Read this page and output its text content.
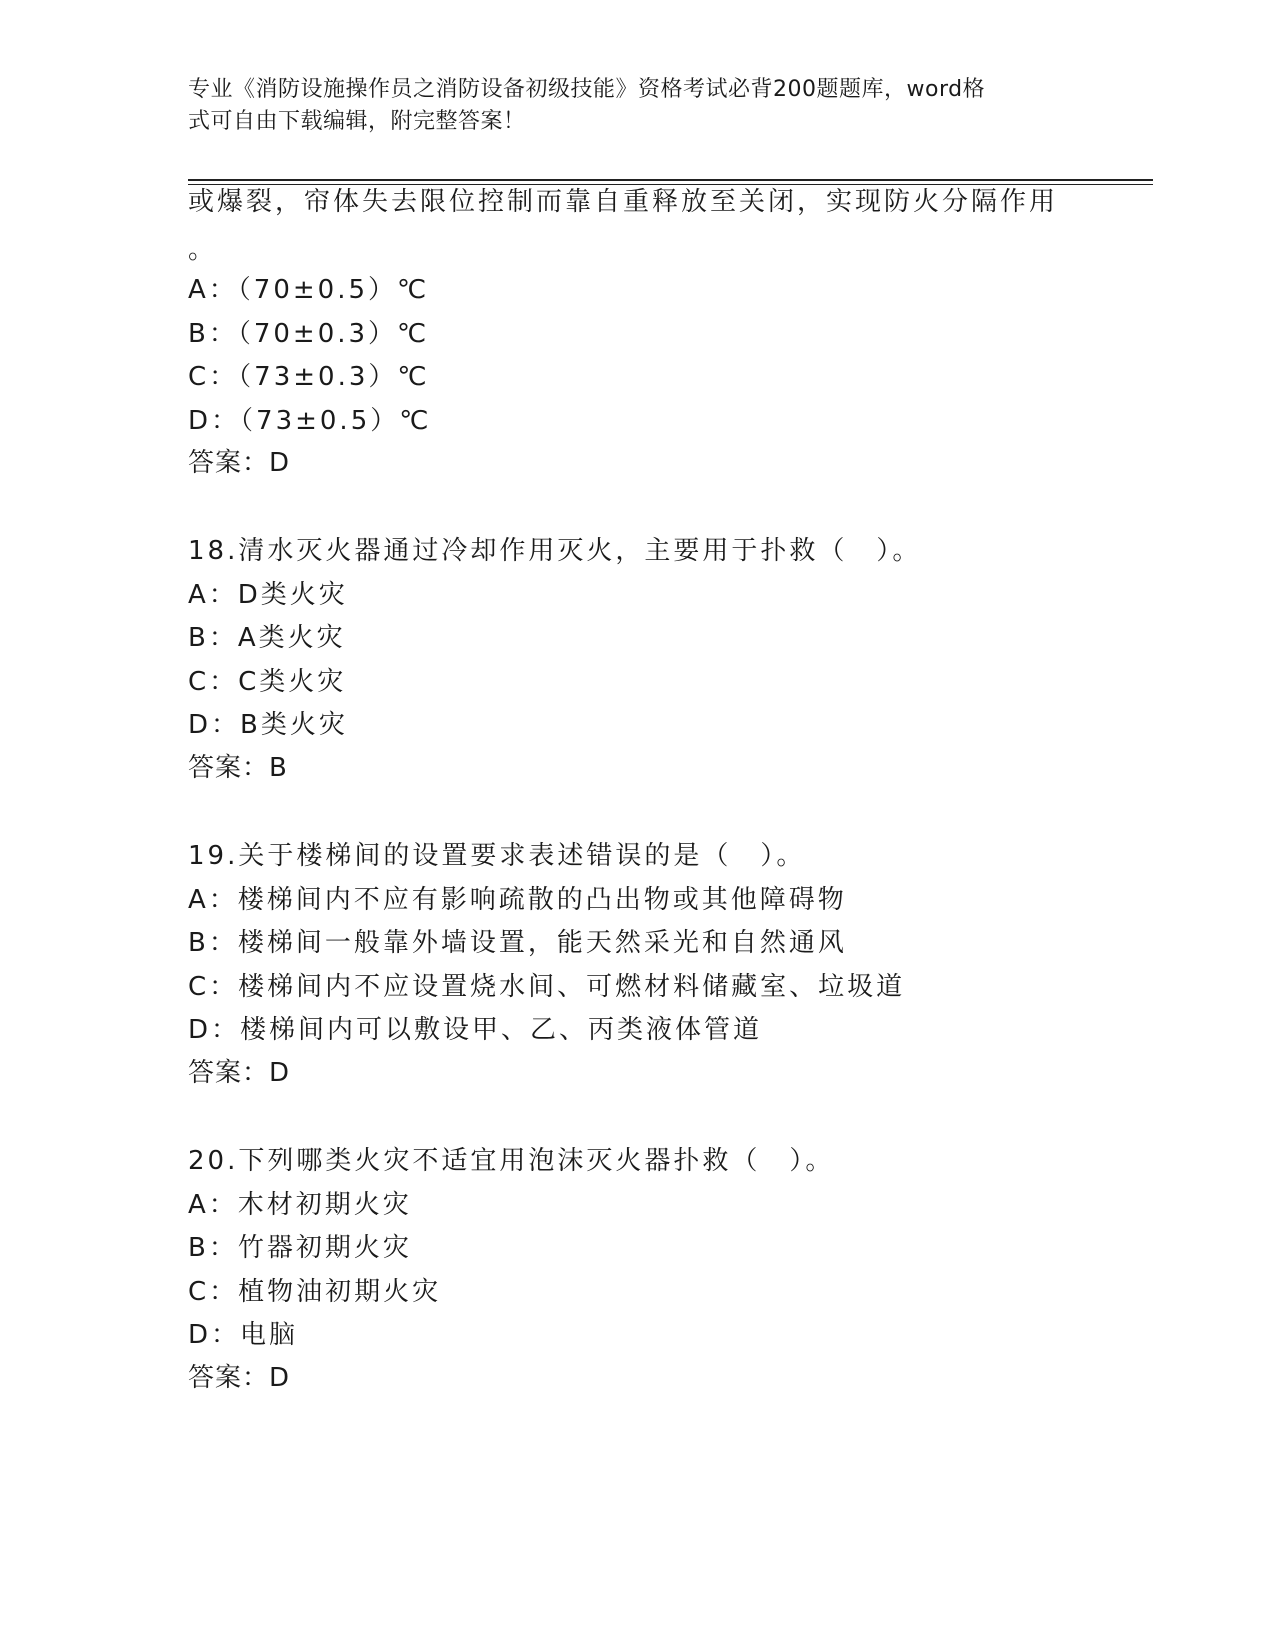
专业《消防设施操作员之消防设备初级技能》资格考试必背200题题库，word格
式可自由下载编辑，附完整答案！
或爆裂，帘体失去限位控制而靠自重释放至关闭，实现防火分隔作用
。
A：（70±0.5）℃
B：（70±0.3）℃
C：（73±0.3）℃
D：（73±0.5）℃
答案：D
18.清水灭火器通过冷却作用灭火，主要用于扑救（　）。
A：D类火灾
B：A类火灾
C：C类火灾
D：B类火灾
答案：B
19.关于楼梯间的设置要求表述错误的是（　）。
A：楼梯间内不应有影响疏散的凸出物或其他障碍物
B：楼梯间一般靠外墙设置，能天然采光和自然通风
C：楼梯间内不应设置烧水间、可燃材料储藏室、垃圾道
D：楼梯间内可以敷设甲、乙、丙类液体管道
答案：D
20.下列哪类火灾不适宜用泡沫灭火器扑救（　）。
A：木材初期火灾
B：竹器初期火灾
C：植物油初期火灾
D：电脑
答案：D
